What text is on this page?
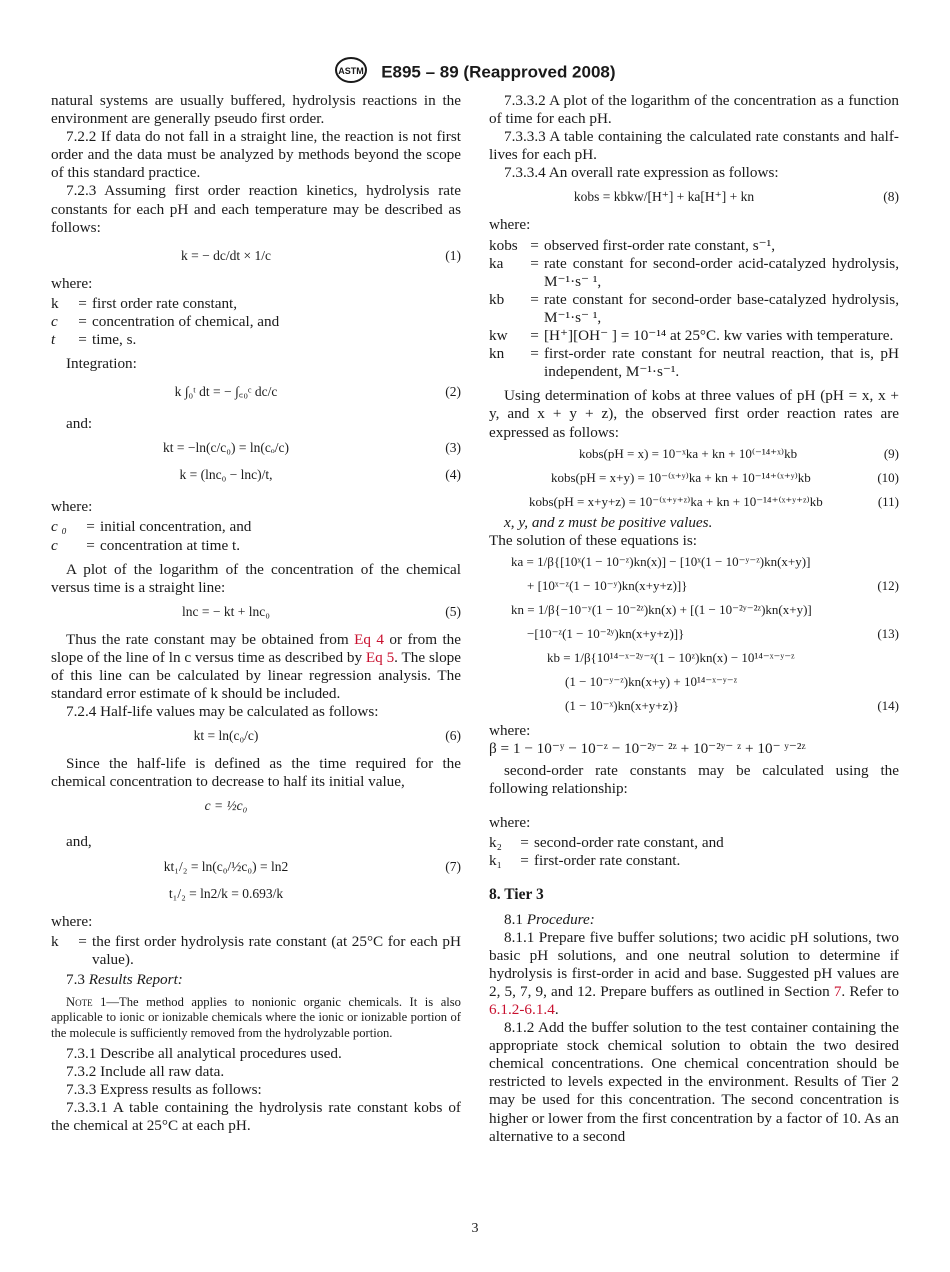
ASTM E895 – 89 (Reapproved 2008)

natural systems are usually buffered, hydrolysis reactions in the environment are generally pseudo first order.

7.2.2 If data do not fall in a straight line, the reaction is not first order and the data must be analyzed by methods beyond the scope of this standard practice.

7.2.3 Assuming first order reaction kinetics, hydrolysis rate constants for each pH and each temperature may be described as follows:

k = − dc/dt × 1/c	(1)

where:

k	= first order rate constant,
c	= concentration of chemical, and
t	= time, s.

Integration:

k ∫₀ᵗ dt = − ∫꜀₀ᶜ dc/c	(2)

and:

kt = −ln(c/c₀) = ln(cₒ/c)	(3)
k = (lnc₀ − lnc)/t,	(4)

where:

c ₀	= initial concentration, and
c	= concentration at time t.

A plot of the logarithm of the concentration of the chemical versus time is a straight line:

lnc = − kt + lnc₀	(5)

Thus the rate constant may be obtained from Eq 4 or from the slope of the line of ln c versus time as described by Eq 5. The slope of this line can be calculated by linear regression analysis. The standard error estimate of k should be included.

7.2.4 Half-life values may be calculated as follows:

kt = ln(c₀/c)	(6)

Since the half-life is defined as the time required for the chemical concentration to decrease to half its initial value,

c = ½c₀

and,

kt₁/₂ = ln(c₀/½c₀) = ln2	(7)
t₁/₂ = ln2/k = 0.693/k

where:

k	= the first order hydrolysis rate constant (at 25°C for each pH value).

7.3 Results Report:

Note 1—The method applies to nonionic organic chemicals. It is also applicable to ionic or ionizable chemicals where the ionic or ionizable portion of the molecule is sufficiently removed from the hydrolyzable portion.

7.3.1 Describe all analytical procedures used.

7.3.2 Include all raw data.

7.3.3 Express results as follows:

7.3.3.1 A table containing the hydrolysis rate constant kobs of the chemical at 25°C at each pH.

7.3.3.2 A plot of the logarithm of the concentration as a function of time for each pH.

7.3.3.3 A table containing the calculated rate constants and half-lives for each pH.

7.3.3.4 An overall rate expression as follows:

kobs = kbkw/[H⁺] + ka[H⁺] + kn	(8)

where:

kobs = observed first-order rate constant, s⁻¹,
ka	= rate constant for second-order acid-catalyzed hydrolysis, M⁻¹·s⁻ ¹,
kb	= rate constant for second-order base-catalyzed hydrolysis, M⁻¹·s⁻ ¹,
kw	= [H⁺][OH⁻ ] = 10⁻¹⁴ at 25°C. kw varies with temperature.
kn	= first-order rate constant for neutral reaction, that is, pH independent, M⁻¹·s⁻¹.

Using determination of kobs at three values of pH (pH = x, x + y, and x + y + z), the observed first order reaction rates are expressed as follows:

kobs(pH = x) = 10⁻ˣka + kn + 10⁽⁻¹⁴⁺ˣ⁾kb	(9)
kobs(pH = x+y) = 10⁻⁽ˣ⁺ʸ⁾ka + kn + 10⁻¹⁴⁺⁽ˣ⁺ʸ⁾kb	(10)
kobs(pH = x+y+z) = 10⁻⁽ˣ⁺ʸ⁺ᶻ⁾ka + kn + 10⁻¹⁴⁺⁽ˣ⁺ʸ⁺ᶻ⁾kb	(11)

x, y, and z must be positive values.

The solution of these equations is:

ka = 1/β{[10ˣ(1 − 10⁻ᶻ)kn(x)] − [10ˣ(1 − 10⁻ʸ⁻ᶻ)kn(x+y)]
+ [10ˣ⁻ᶻ(1 − 10⁻ʸ)kn(x+y+z)]}	(12)
kn = 1/β{−10⁻ʸ(1 − 10⁻²ᶻ)kn(x) + [(1 − 10⁻²ʸ⁻²ᶻ)kn(x+y)]
−[10⁻ᶻ(1 − 10⁻²ʸ)kn(x+y+z)]}	(13)
kb = 1/β{10¹⁴⁻ˣ⁻²ʸ⁻ᶻ(1 − 10ᶻ)kn(x) − 10¹⁴⁻ˣ⁻ʸ⁻ᶻ
(1 − 10⁻ʸ⁻ᶻ)kn(x+y) + 10¹⁴⁻ˣ⁻ʸ⁻ᶻ
(1 − 10⁻ˣ)kn(x+y+z)}	(14)

where:

β = 1 − 10⁻ʸ − 10⁻ᶻ − 10⁻²ʸ⁻ ²ᶻ + 10⁻²ʸ⁻ ᶻ + 10⁻ ʸ⁻²ᶻ

second-order rate constants may be calculated using the following relationship:

where:

k₂	= second-order rate constant, and
k₁	= first-order rate constant.
8. Tier 3

8.1 Procedure:

8.1.1 Prepare five buffer solutions; two acidic pH solutions, two basic pH solutions, and one neutral solution to determine if hydrolysis is first-order in acid and base. Suggested pH values are 2, 5, 7, 9, and 12. Prepare buffers as outlined in Section 7. Refer to 6.1.2-6.1.4.

8.1.2 Add the buffer solution to the test container containing the appropriate stock chemical solution to obtain the two desired chemical concentrations. One chemical concentration should be restricted to levels expected in the environment. Results of Tier 2 may be used for this concentration. The second concentration is higher or lower from the first concentration by a factor of 10. As an alternative to a second

3
